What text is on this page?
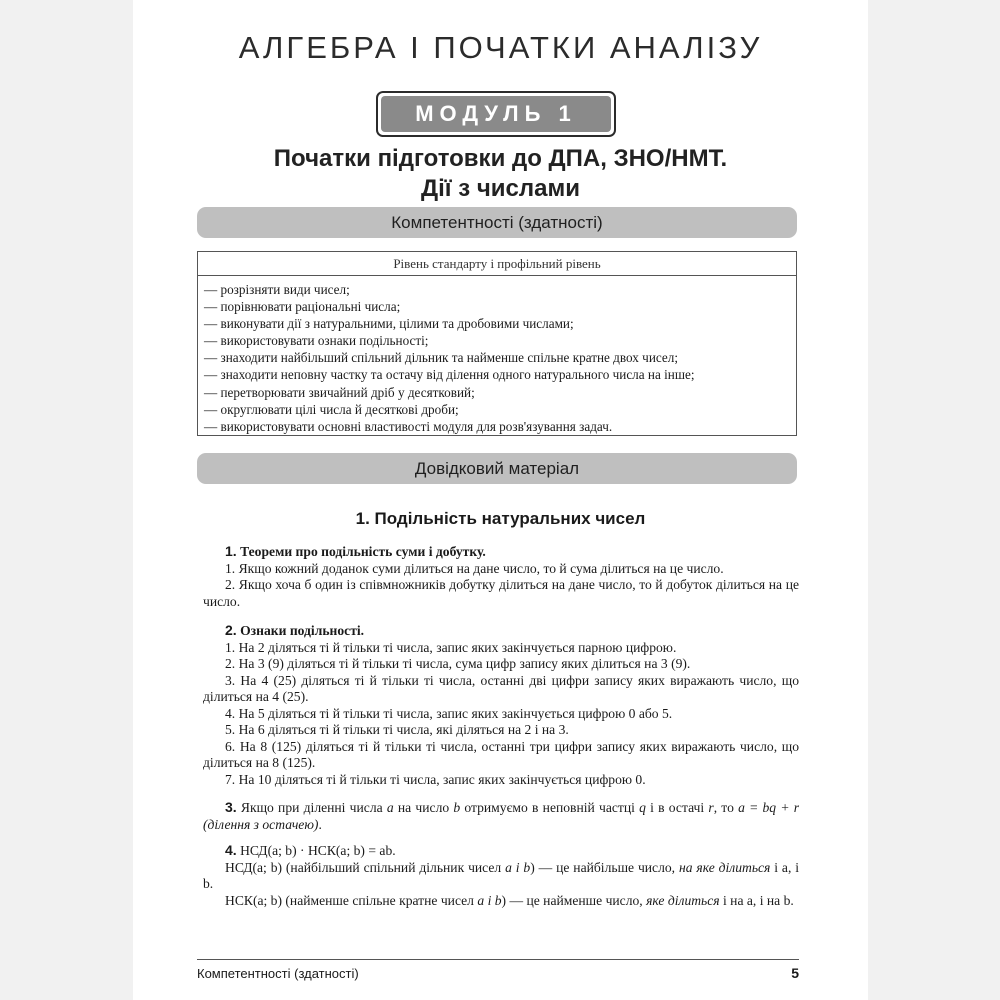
АЛГЕБРА І ПОЧАТКИ АНАЛІЗУ
МОДУЛЬ 1
Початки підготовки до ДПА, ЗНО/НМТ.
Дії з числами
Компетентності (здатності)
Рівень стандарту і профільний рівень
— розрізняти види чисел;
— порівнювати раціональні числа;
— виконувати дії з натуральними, цілими та дробовими числами;
— використовувати ознаки подільності;
— знаходити найбільший спільний дільник та найменше спільне кратне двох чисел;
— знаходити неповну частку та остачу від ділення одного натурального числа на інше;
— перетворювати звичайний дріб у десятковий;
— округлювати цілі числа й десяткові дроби;
— використовувати основні властивості модуля для розв'язування задач.
Довідковий матеріал
1. Подільність натуральних чисел

1. Теореми про подільність суми і добутку.

1. Якщо кожний доданок суми ділиться на дане число, то й сума ділиться на це число.

2. Якщо хоча б один із співмножників добутку ділиться на дане число, то й добуток ділиться на це число.

2. Ознаки подільності.

1. На 2 діляться ті й тільки ті числа, запис яких закінчується парною цифрою.

2. На 3 (9) діляться ті й тільки ті числа, сума цифр запису яких ділиться на 3 (9).

3. На 4 (25) діляться ті й тільки ті числа, останні дві цифри запису яких виражають число, що ділиться на 4 (25).

4. На 5 діляться ті й тільки ті числа, запис яких закінчується цифрою 0 або 5.

5. На 6 діляться ті й тільки ті числа, які діляться на 2 і на 3.

6. На 8 (125) діляться ті й тільки ті числа, останні три цифри запису яких виражають число, що ділиться на 8 (125).

7. На 10 діляться ті й тільки ті числа, запис яких закінчується цифрою 0.

3. Якщо при діленні числа a на число b отримуємо в неповній частці q і в остачі r, то a = bq + r (ділення з остачею).

4. НСД(a; b) · НСК(a; b) = ab.

НСД(a; b) (найбільший спільний дільник чисел a і b) — це найбільше число, на яке ділиться і a, і b.

НСК(a; b) (найменше спільне кратне чисел a і b) — це найменше число, яке ділиться і на a, і на b.

Компетентності (здатності)	5
